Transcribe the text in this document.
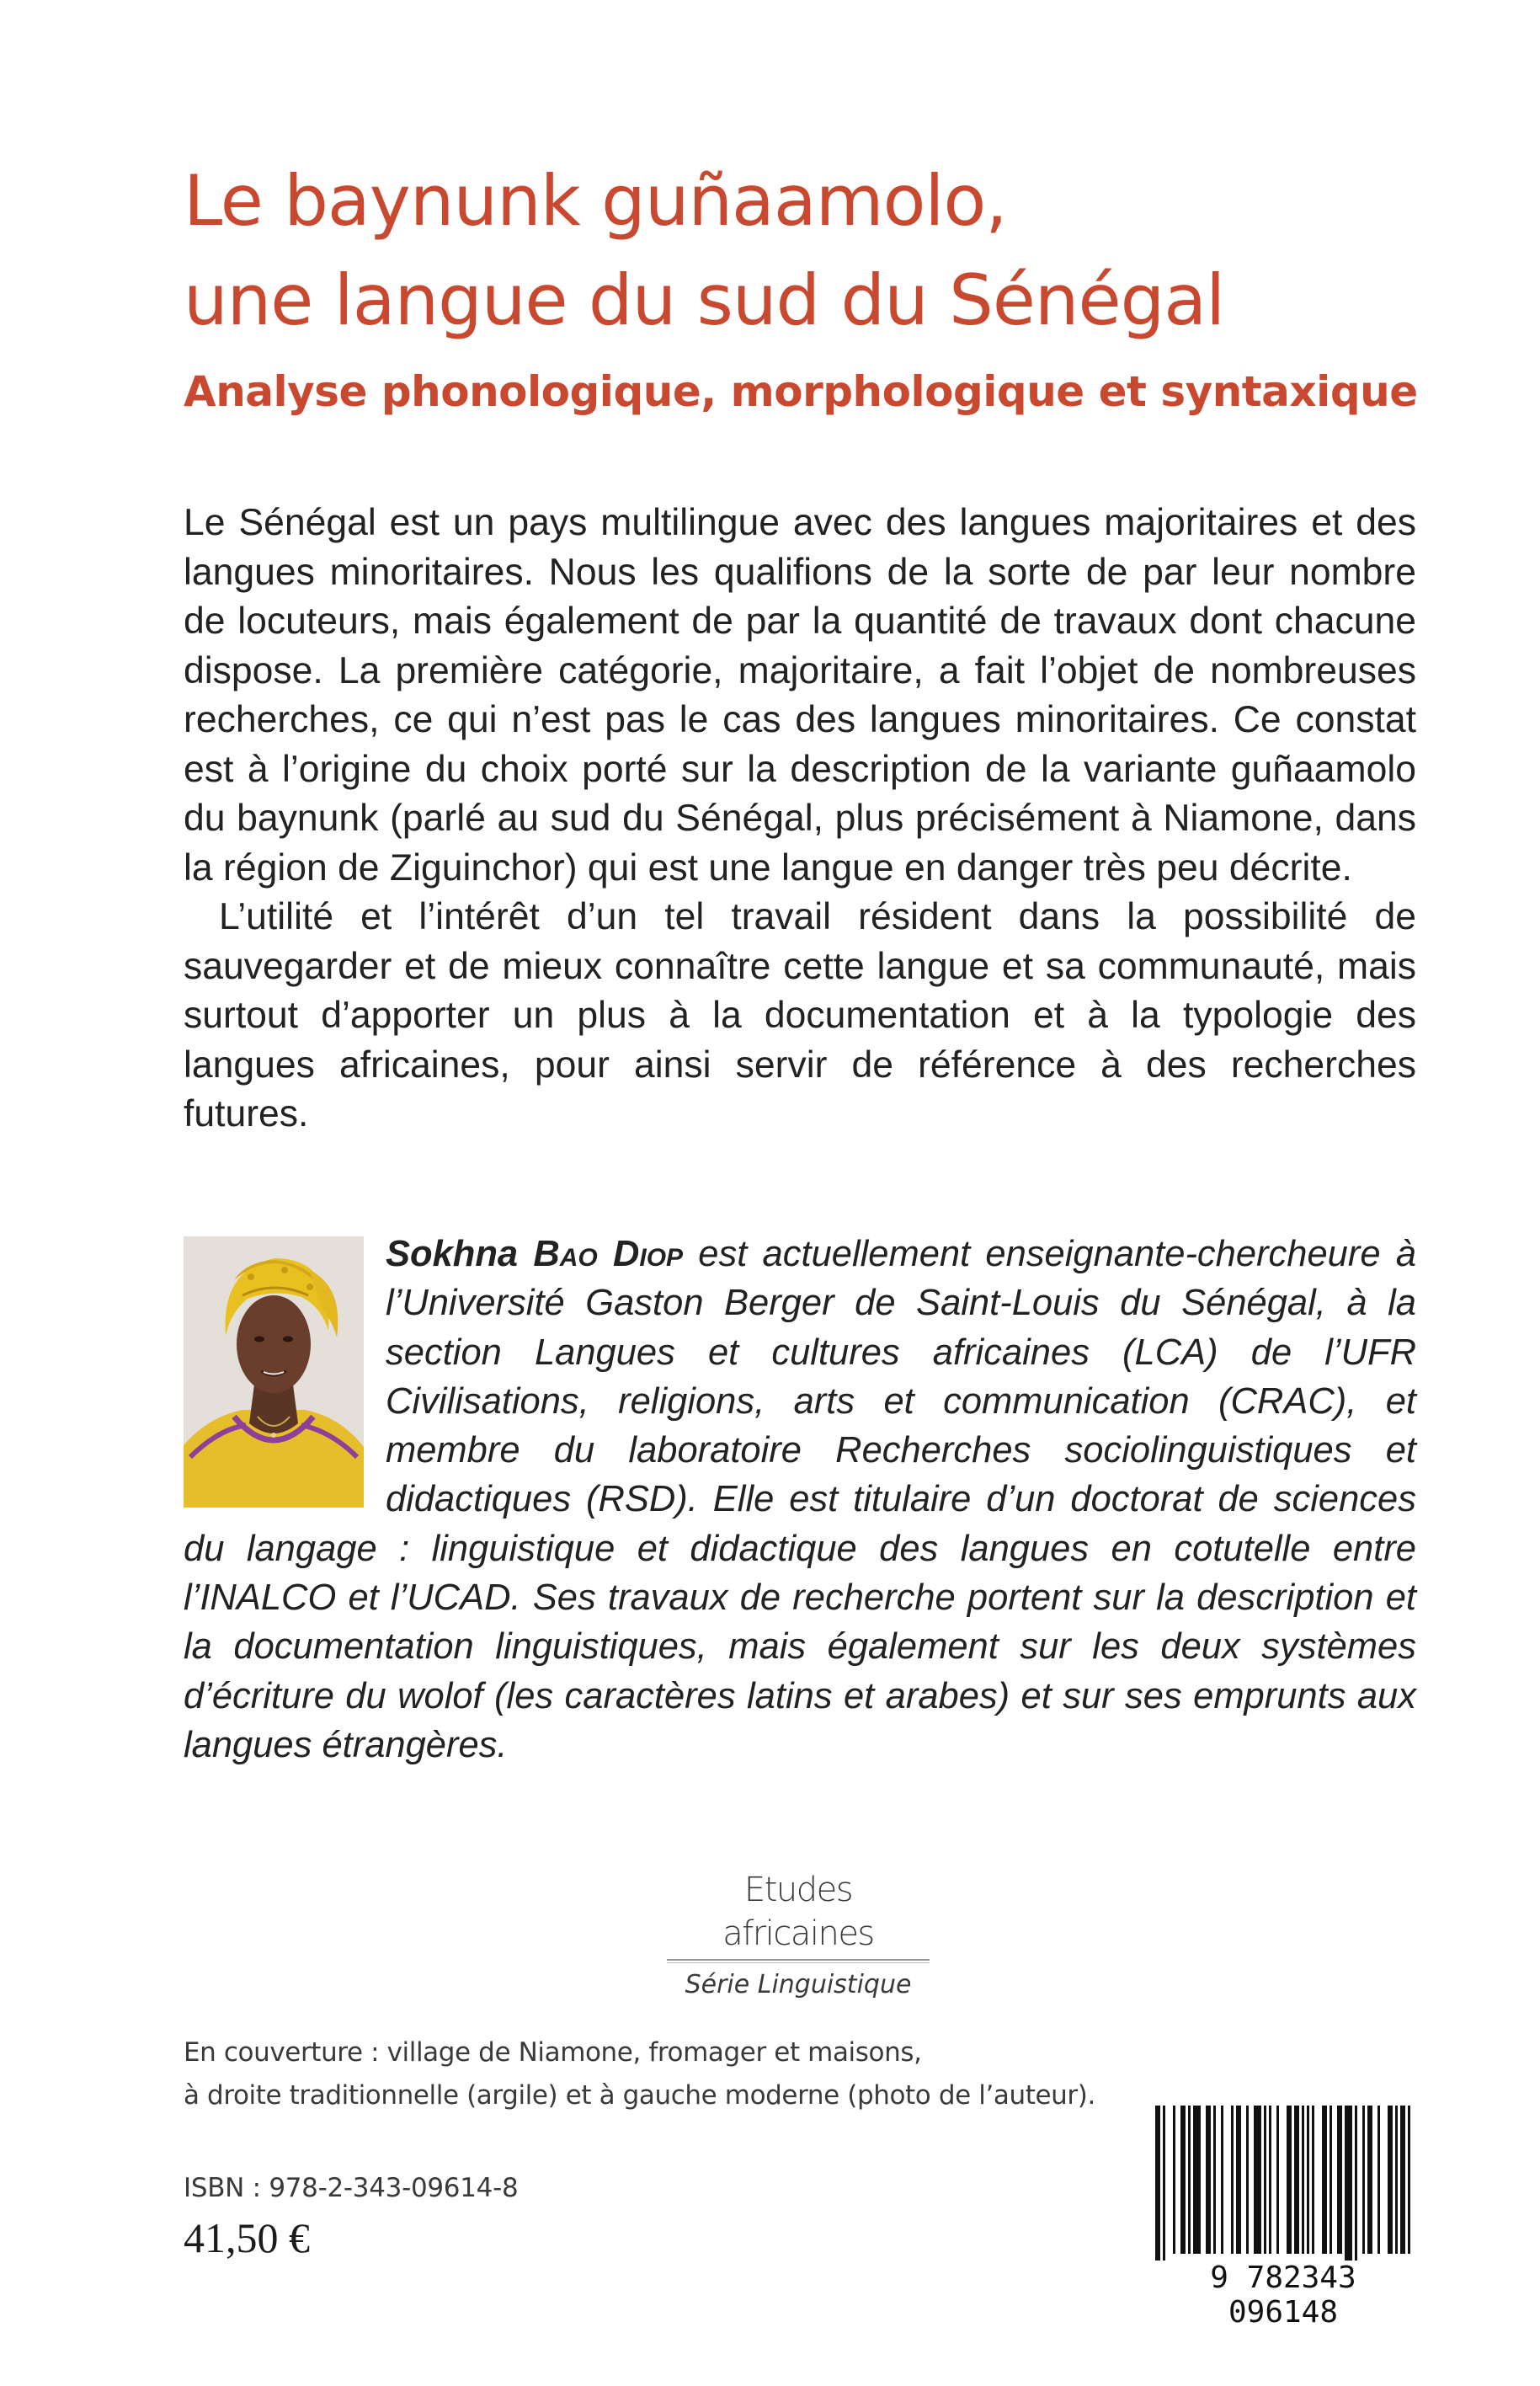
Le baynunk guñaamolo,
une langue du sud du Sénégal
Analyse phonologique, morphologique et syntaxique

Le Sénégal est un pays multilingue avec des langues majoritaires et des langues minoritaires. Nous les qualifions de la sorte de par leur nombre de locuteurs, mais également de par la quantité de travaux dont chacune dispose. La première catégorie, majoritaire, a fait l’objet de nombreuses recherches, ce qui n’est pas le cas des langues minoritaires. Ce constat est à l’origine du choix porté sur la description de la variante guñaamolo du baynunk (parlé au sud du Sénégal, plus précisément à Niamone, dans la région de Ziguinchor) qui est une langue en danger très peu décrite.

L’utilité et l’intérêt d’un tel travail résident dans la possibilité de sauvegarder et de mieux connaître cette langue et sa communauté, mais surtout d’apporter un plus à la documentation et à la typologie des langues africaines, pour ainsi servir de référence à des recherches futures.

Sokhna Bao Diop est actuellement enseignante-chercheure à l’Université Gaston Berger de Saint-Louis du Sénégal, à la section Langues et cultures africaines (LCA) de l’UFR Civilisations, religions, arts et communication (CRAC), et membre du laboratoire Recherches sociolinguistiques et didactiques (RSD). Elle est titulaire d’un doctorat de sciences du langage : linguistique et didactique des langues en cotutelle entre l’INALCO et l’UCAD. Ses travaux de recherche portent sur la description et la documentation linguistiques, mais également sur les deux systèmes d’écriture du wolof (les caractères latins et arabes) et sur ses emprunts aux langues étrangères.
Etudes africaines
Série Linguistique
En couverture : village de Niamone, fromager et maisons,
à droite traditionnelle (argile) et à gauche moderne (photo de l’auteur).
ISBN : 978-2-343-09614-8
41,50 €
9 782343 096148
